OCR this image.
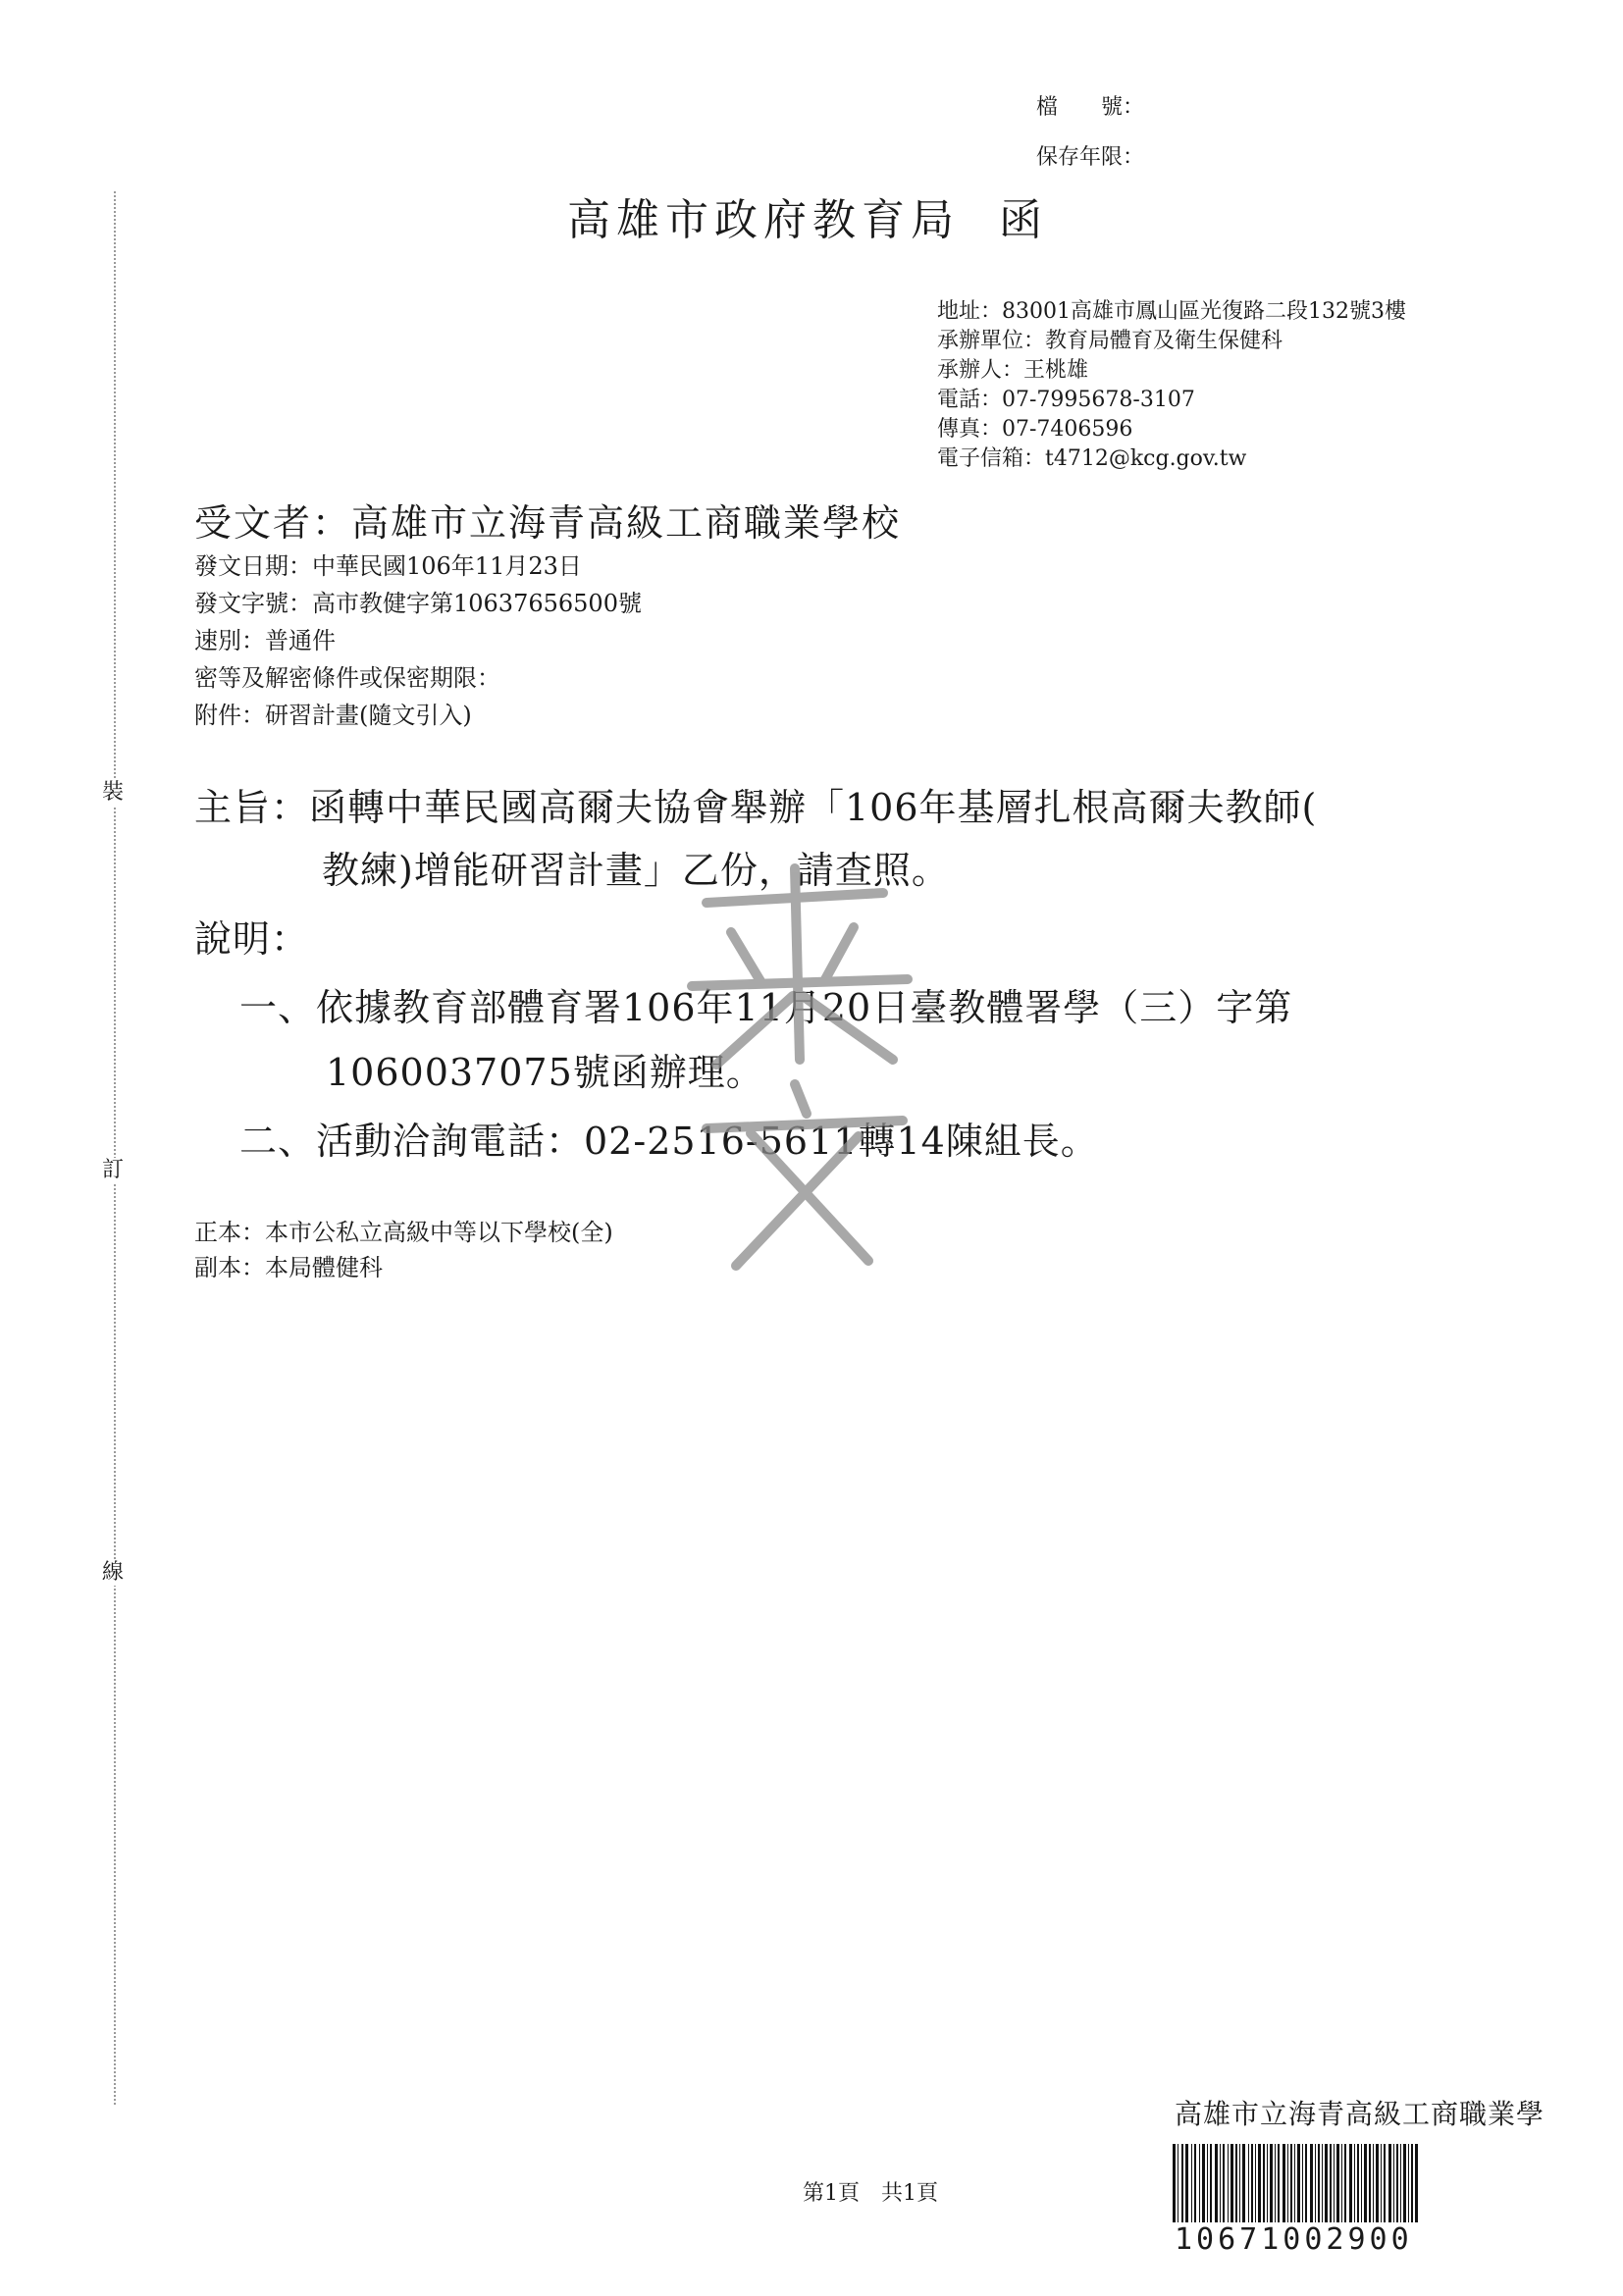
裝
訂
線
檔　　號：
保存年限：
高雄市政府教育局 函
地址：83001高雄市鳳山區光復路二段132號3樓
承辦單位：教育局體育及衛生保健科
承辦人：王桃雄
電話：07-7995678-3107
傳真：07-7406596
電子信箱：t4712@kcg.gov.tw
受文者：高雄市立海青高級工商職業學校
發文日期：中華民國106年11月23日
發文字號：高市教健字第10637656500號
速別：普通件
密等及解密條件或保密期限：
附件：研習計畫(隨文引入)
主旨：函轉中華民國高爾夫協會舉辦「106年基層扎根高爾夫教師(
教練)增能研習計畫」乙份，請查照。
說明：
一、依據教育部體育署106年11月20日臺教體署學（三）字第
1060037075號函辦理。
二、活動洽詢電話：02-2516-5611轉14陳組長。
正本：本市公私立高級中等以下學校(全)
副本：本局體健科
第1頁　共1頁
高雄市立海青高級工商職業學
10671002900
